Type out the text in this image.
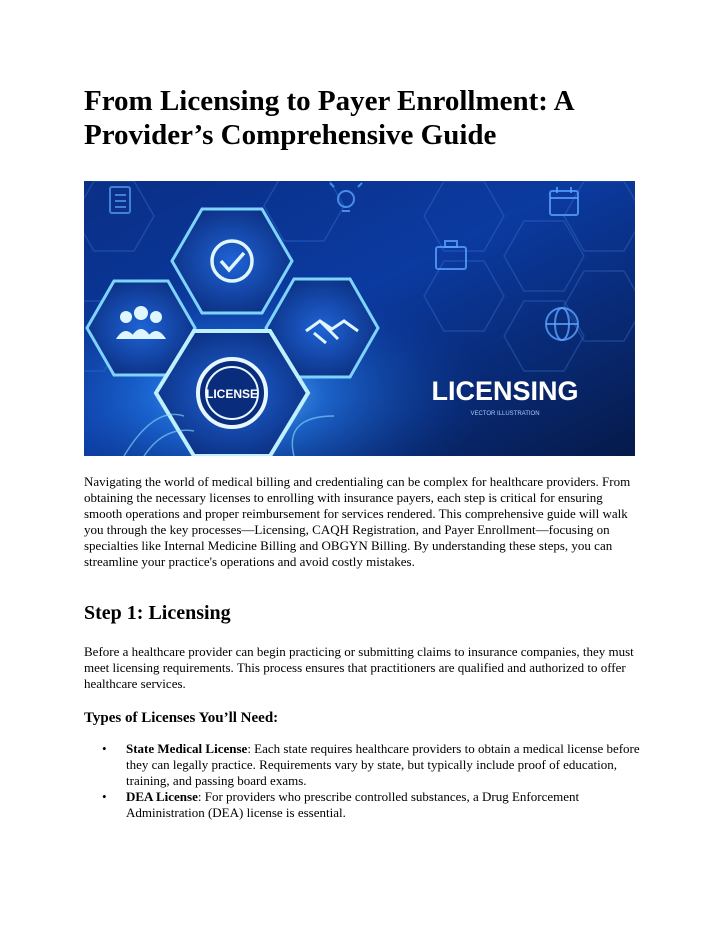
From Licensing to Payer Enrollment: A Provider’s Comprehensive Guide
LICENSE	LICENSING
VECTOR ILLUSTRATION

Navigating the world of medical billing and credentialing can be complex for healthcare providers. From obtaining the necessary licenses to enrolling with insurance payers, each step is critical for ensuring smooth operations and proper reimbursement for services rendered. This comprehensive guide will walk you through the key processes—Licensing, CAQH Registration, and Payer Enrollment—focusing on specialties like Internal Medicine Billing and OBGYN Billing. By understanding these steps, you can streamline your practice's operations and avoid costly mistakes.

Step 1: Licensing

Before a healthcare provider can begin practicing or submitting claims to insurance companies, they must meet licensing requirements. This process ensures that practitioners are qualified and authorized to offer healthcare services.

Types of Licenses You’ll Need:
• State Medical License: Each state requires healthcare providers to obtain a medical license before they can legally practice. Requirements vary by state, but typically include proof of education, training, and passing board exams.
• DEA License: For providers who prescribe controlled substances, a Drug Enforcement Administration (DEA) license is essential.
